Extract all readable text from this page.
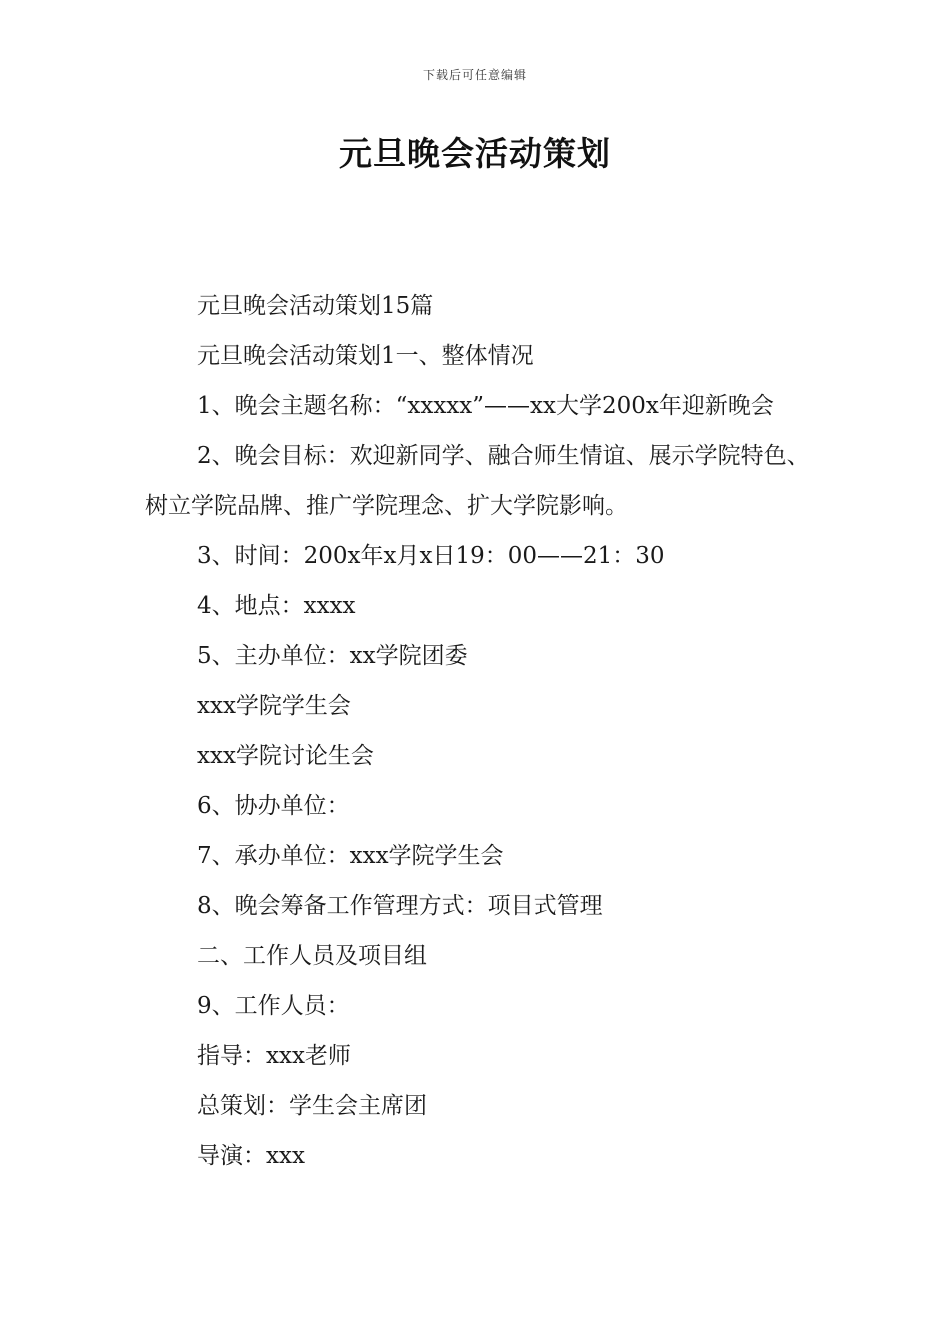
下载后可任意编辑
元旦晚会活动策划

元旦晚会活动策划15篇

元旦晚会活动策划1一、整体情况

1、晚会主题名称：“xxxxx”——xx大学200x年迎新晚会

2、晚会目标：欢迎新同学、融合师生情谊、展示学院特色、树立学院品牌、推广学院理念、扩大学院影响。

3、时间：200x年x月x日19：00——21：30

4、地点：xxxx

5、主办单位：xx学院团委

xxx学院学生会

xxx学院讨论生会

6、协办单位：

7、承办单位：xxx学院学生会

8、晚会筹备工作管理方式：项目式管理

二、工作人员及项目组

9、工作人员：

指导：xxx老师

总策划：学生会主席团

导演：xxx
